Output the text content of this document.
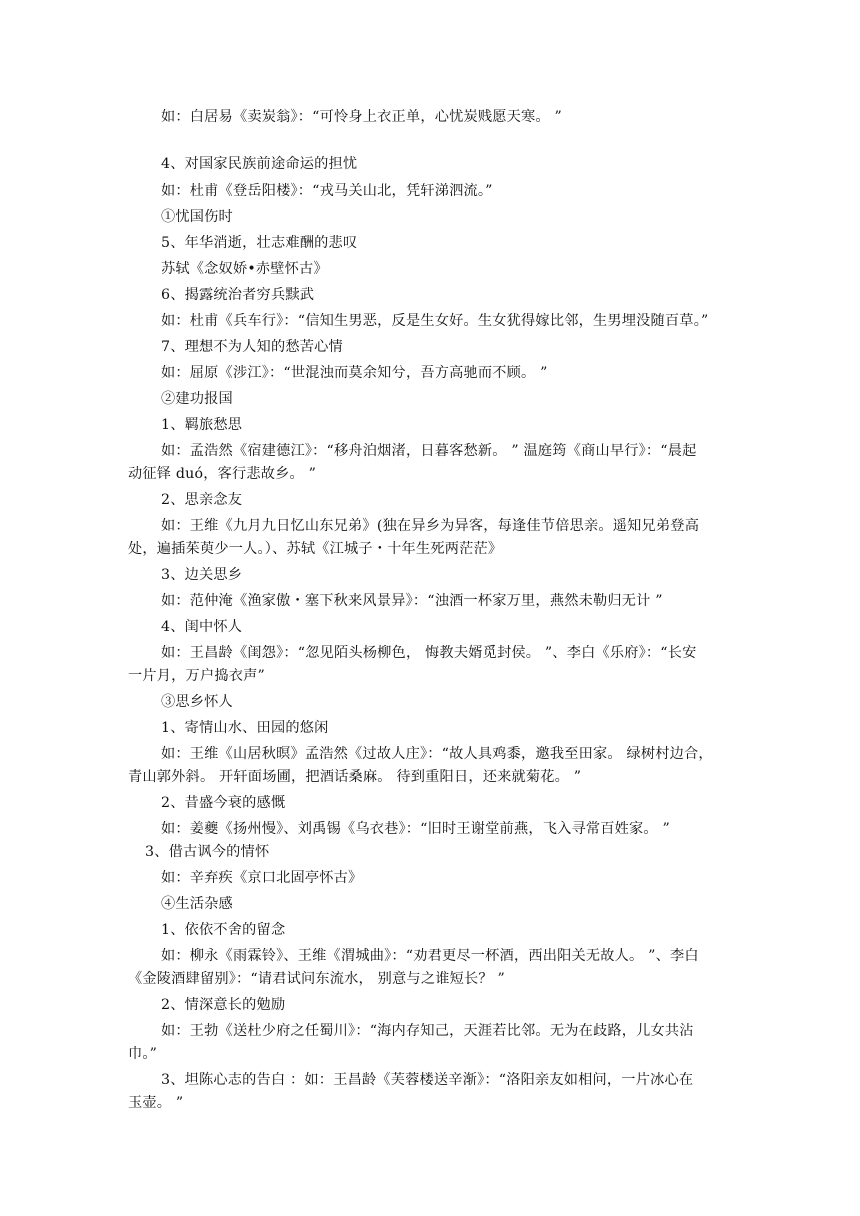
如：白居易《卖炭翁》：“可怜身上衣正单，心忧炭贱愿天寒。 ”
4、对国家民族前途命运的担忧
如：杜甫《登岳阳楼》：“戎马关山北，凭轩涕泗流。”
①忧国伤时
5、年华消逝，壮志难酬的悲叹
苏轼《念奴娇•赤壁怀古》
6、揭露统治者穷兵黩武
如：杜甫《兵车行》：“信知生男恶，反是生女好。生女犹得嫁比邻，生男埋没随百草。”
7、理想不为人知的愁苦心情
如：屈原《涉江》：“世混浊而莫余知兮，吾方高驰而不顾。 ”
②建功报国
1、羁旅愁思
如：孟浩然《宿建德江》：“移舟泊烟渚，日暮客愁新。 ” 温庭筠《商山早行》：“晨起
动征铎 duó，客行悲故乡。 ”
2、思亲念友
如：王维《九月九日忆山东兄弟》(独在异乡为异客，每逢佳节倍思亲。遥知兄弟登高
处，遍插茱萸少一人。）、苏轼《江城子・十年生死两茫茫》
3、边关思乡
如：范仲淹《渔家傲・塞下秋来风景异》：“浊酒一杯家万里，燕然未勒归无计 ”
4、闺中怀人
如：王昌龄《闺怨》：“忽见陌头杨柳色， 悔教夫婿觅封侯。 ”、李白《乐府》：“长安
一片月，万户捣衣声”
③思乡怀人
1、寄情山水、田园的悠闲
如：王维《山居秋暝》孟浩然《过故人庄》：“故人具鸡黍，邀我至田家。 绿树村边合，
青山郭外斜。 开轩面场圃，把酒话桑麻。 待到重阳日，还来就菊花。 ”
2、昔盛今衰的感慨
如：姜夔《扬州慢》、刘禹锡《乌衣巷》：“旧时王谢堂前燕，飞入寻常百姓家。 ”
3、借古讽今的情怀
如：辛弃疾《京口北固亭怀古》
④生活杂感
1、依依不舍的留念
如：柳永《雨霖铃》、王维《渭城曲》：“劝君更尽一杯酒，西出阳关无故人。 ”、李白
《金陵酒肆留别》：“请君试问东流水， 别意与之谁短长？ ”
2、情深意长的勉励
如：王勃《送杜少府之任蜀川》：“海内存知己，天涯若比邻。无为在歧路，儿女共沾
巾。”
3、坦陈心志的告白 ：如：王昌龄《芙蓉楼送辛渐》：“洛阳亲友如相问，一片冰心在
玉壶。 ”
